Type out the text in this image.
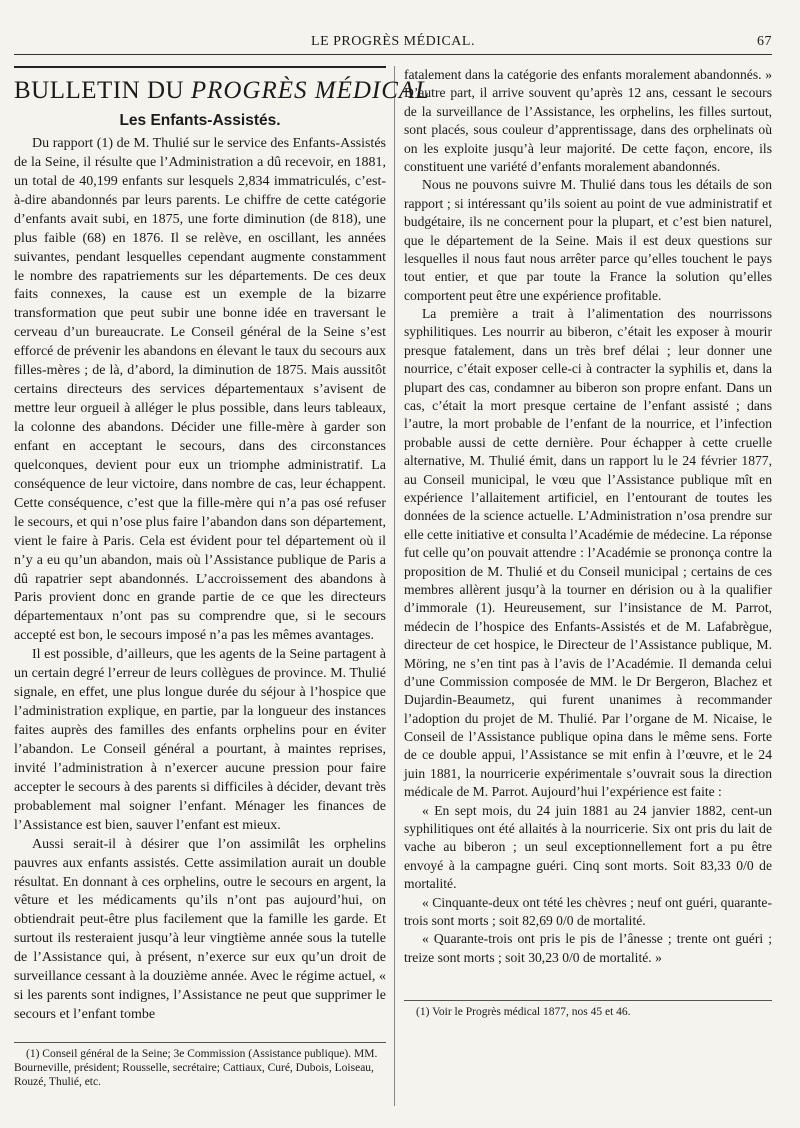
LE PROGRÈS MÉDICAL.	67
BULLETIN DU PROGRÈS MÉDICAL
Les Enfants-Assistés.

Du rapport (1) de M. Thulié sur le service des Enfants-Assistés de la Seine, il résulte que l’Administration a dû recevoir, en 1881, un total de 40,199 enfants sur lesquels 2,834 immatriculés, c’est-à-dire abandonnés par leurs parents. Le chiffre de cette catégorie d’enfants avait subi, en 1875, une forte diminution (de 818), une plus faible (68) en 1876. Il se relève, en oscillant, les années suivantes, pendant lesquelles cependant augmente constamment le nombre des rapatriements sur les départements. De ces deux faits connexes, la cause est un exemple de la bizarre transformation que peut subir une bonne idée en traversant le cerveau d’un bureaucrate. Le Conseil général de la Seine s’est efforcé de prévenir les abandons en élevant le taux du secours aux filles-mères ; de là, d’abord, la diminution de 1875. Mais aussitôt certains directeurs des services départementaux s’avisent de mettre leur orgueil à alléger le plus possible, dans leurs tableaux, la colonne des abandons. Décider une fille-mère à garder son enfant en acceptant le secours, dans des circonstances quelconques, devient pour eux un triomphe administratif. La conséquence de leur victoire, dans nombre de cas, leur échappent. Cette conséquence, c’est que la fille-mère qui n’a pas osé refuser le secours, et qui n’ose plus faire l’abandon dans son département, vient le faire à Paris. Cela est évident pour tel département où il n’y a eu qu’un abandon, mais où l’Assistance publique de Paris a dû rapatrier sept abandonnés. L’accroissement des abandons à Paris provient donc en grande partie de ce que les directeurs départementaux n’ont pas su comprendre que, si le secours accepté est bon, le secours imposé n’a pas les mêmes avantages.

Il est possible, d’ailleurs, que les agents de la Seine partagent à un certain degré l’erreur de leurs collègues de province. M. Thulié signale, en effet, une plus longue durée du séjour à l’hospice que l’administration explique, en partie, par la longueur des instances faites auprès des familles des enfants orphelins pour en éviter l’abandon. Le Conseil général a pourtant, à maintes reprises, invité l’administration à n’exercer aucune pression pour faire accepter le secours à des parents si difficiles à décider, devant très probablement mal soigner l’enfant. Ménager les finances de l’Assistance est bien, sauver l’enfant est mieux.

Aussi serait-il à désirer que l’on assimilât les orphelins pauvres aux enfants assistés. Cette assimilation aurait un double résultat. En donnant à ces orphelins, outre le secours en argent, la vêture et les médicaments qu’ils n’ont pas aujourd’hui, on obtiendrait peut-être plus facilement que la famille les garde. Et surtout ils resteraient jusqu’à leur vingtième année sous la tutelle de l’Assistance qui, à présent, n’exerce sur eux qu’un droit de surveillance cessant à la douzième année. Avec le régime actuel, « si les parents sont indignes, l’Assistance ne peut que supprimer le secours et l’enfant tombe

(1) Conseil général de la Seine; 3e Commission (Assistance publique). MM. Bourneville, président; Rousselle, secrétaire; Cattiaux, Curé, Dubois, Loiseau, Rouzé, Thulié, etc.

fatalement dans la catégorie des enfants moralement abandonnés. » D’autre part, il arrive souvent qu’après 12 ans, cessant le secours de la surveillance de l’Assistance, les orphelins, les filles surtout, sont placés, sous couleur d’apprentissage, dans des orphelinats où on les exploite jusqu’à leur majorité. De cette façon, encore, ils constituent une variété d’enfants moralement abandonnés.

Nous ne pouvons suivre M. Thulié dans tous les détails de son rapport ; si intéressant qu’ils soient au point de vue administratif et budgétaire, ils ne concernent pour la plupart, et c’est bien naturel, que le département de la Seine. Mais il est deux questions sur lesquelles il nous faut nous arrêter parce qu’elles touchent le pays tout entier, et que par toute la France la solution qu’elles comportent peut être une expérience profitable.

La première a trait à l’alimentation des nourrissons syphilitiques. Les nourrir au biberon, c’était les exposer à mourir presque fatalement, dans un très bref délai ; leur donner une nourrice, c’était exposer celle-ci à contracter la syphilis et, dans la plupart des cas, condamner au biberon son propre enfant. Dans un cas, c’était la mort presque certaine de l’enfant assisté ; dans l’autre, la mort probable de l’enfant de la nourrice, et l’infection probable aussi de cette dernière. Pour échapper à cette cruelle alternative, M. Thulié émit, dans un rapport lu le 24 février 1877, au Conseil municipal, le vœu que l’Assistance publique mît en expérience l’allaitement artificiel, en l’entourant de toutes les données de la science actuelle. L’Administration n’osa prendre sur elle cette initiative et consulta l’Académie de médecine. La réponse fut celle qu’on pouvait attendre : l’Académie se prononça contre la proposition de M. Thulié et du Conseil municipal ; certains de ces membres allèrent jusqu’à la tourner en dérision ou à la qualifier d’immorale (1). Heureusement, sur l’insistance de M. Parrot, médecin de l’hospice des Enfants-Assistés et de M. Lafabrègue, directeur de cet hospice, le Directeur de l’Assistance publique, M. Möring, ne s’en tint pas à l’avis de l’Académie. Il demanda celui d’une Commission composée de MM. le Dr Bergeron, Blachez et Dujardin-Beaumetz, qui furent unanimes à recommander l’adoption du projet de M. Thulié. Par l’organe de M. Nicaise, le Conseil de l’Assistance publique opina dans le même sens. Forte de ce double appui, l’Assistance se mit enfin à l’œuvre, et le 24 juin 1881, la nourricerie expérimentale s’ouvrait sous la direction médicale de M. Parrot. Aujourd’hui l’expérience est faite :

« En sept mois, du 24 juin 1881 au 24 janvier 1882, cent-un syphilitiques ont été allaités à la nourricerie. Six ont pris du lait de vache au biberon ; un seul exceptionnellement fort a pu être envoyé à la campagne guéri. Cinq sont morts. Soit 83,33 0/0 de mortalité.

« Cinquante-deux ont tété les chèvres ; neuf ont guéri, quarante-trois sont morts ; soit 82,69 0/0 de mortalité.

« Quarante-trois ont pris le pis de l’ânesse ; trente ont guéri ; treize sont morts ; soit 30,23 0/0 de mortalité. »

(1) Voir le Progrès médical 1877, nos 45 et 46.
